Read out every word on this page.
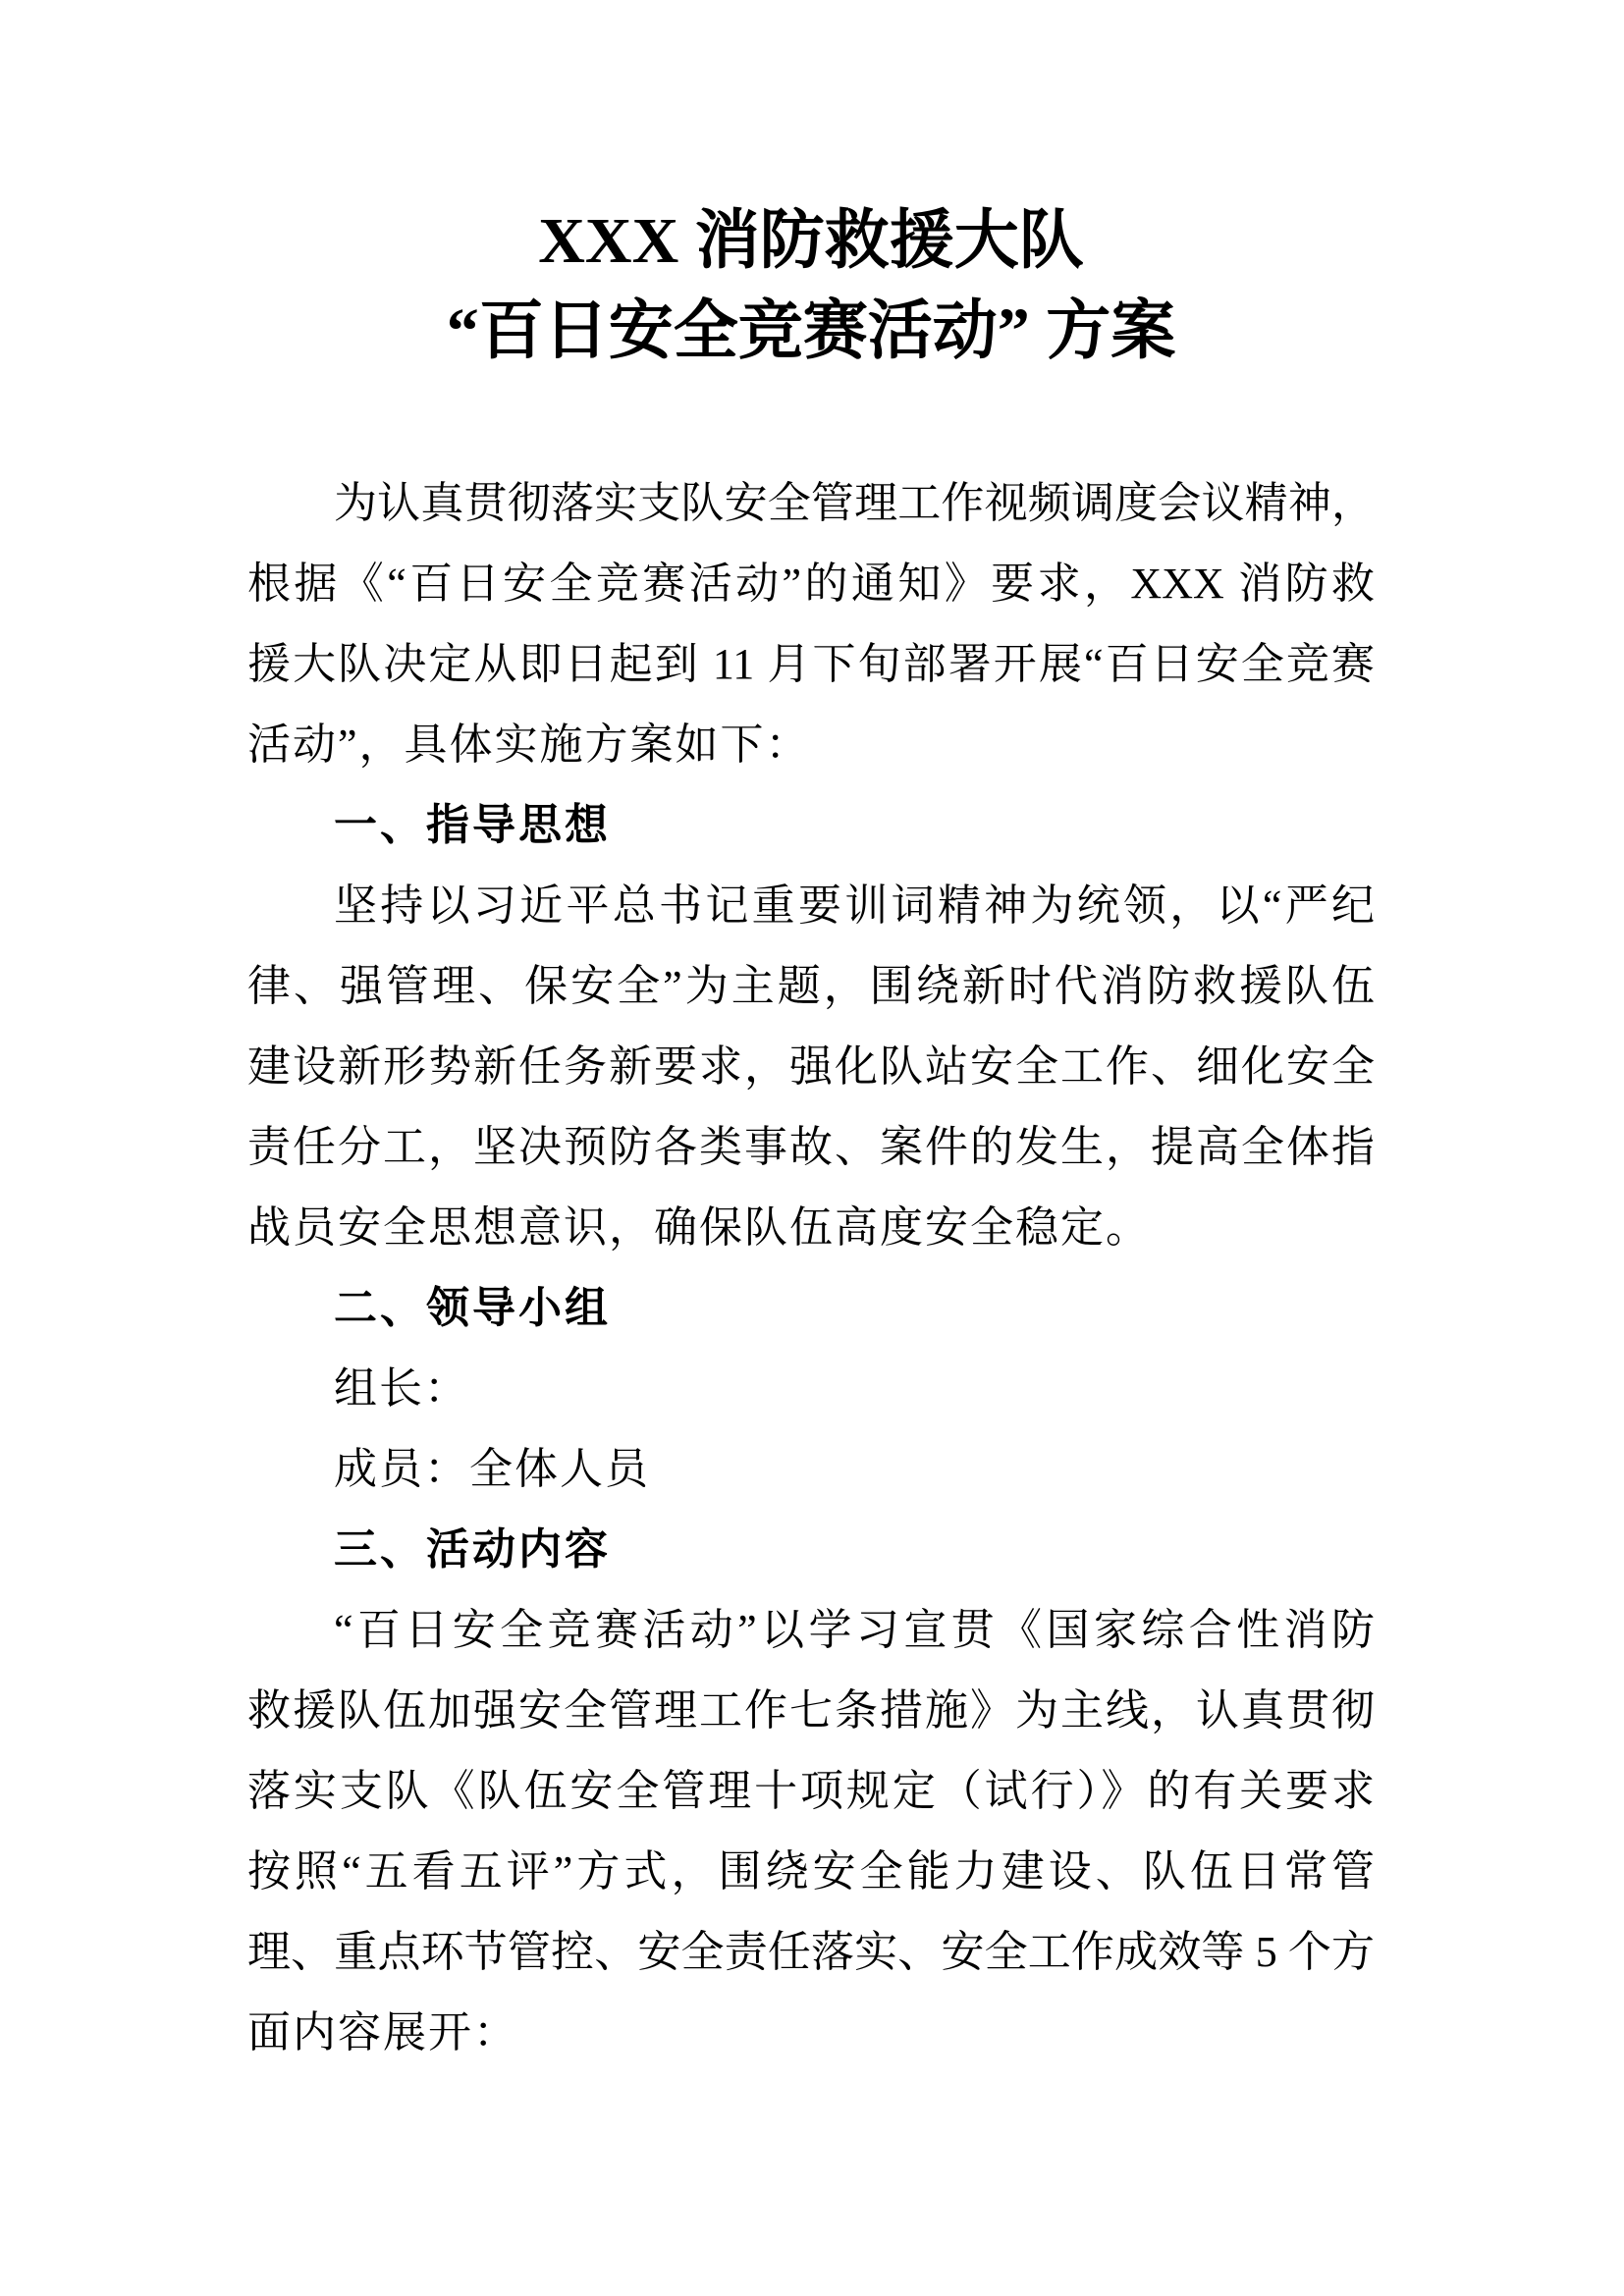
XXX 消防救援大队
“百日安全竞赛活动” 方案
为认真贯彻落实支队安全管理工作视频调度会议精神，
根据《“百日安全竞赛活动”的通知》要求，XXX 消防救
援大队决定从即日起到 11 月下旬部署开展“百日安全竞赛
活动”，具体实施方案如下：
一、指导思想
坚持以习近平总书记重要训词精神为统领，以“严纪
律、强管理、保安全”为主题，围绕新时代消防救援队伍
建设新形势新任务新要求，强化队站安全工作、细化安全
责任分工，坚决预防各类事故、案件的发生，提高全体指
战员安全思想意识，确保队伍高度安全稳定。
二、领导小组
组长：
成员：全体人员
三、活动内容
“百日安全竞赛活动”以学习宣贯《国家综合性消防
救援队伍加强安全管理工作七条措施》为主线，认真贯彻
落实支队《队伍安全管理十项规定（试行）》的有关要求
按照“五看五评”方式，围绕安全能力建设、队伍日常管
理、重点环节管控、安全责任落实、安全工作成效等 5 个方
面内容展开：
